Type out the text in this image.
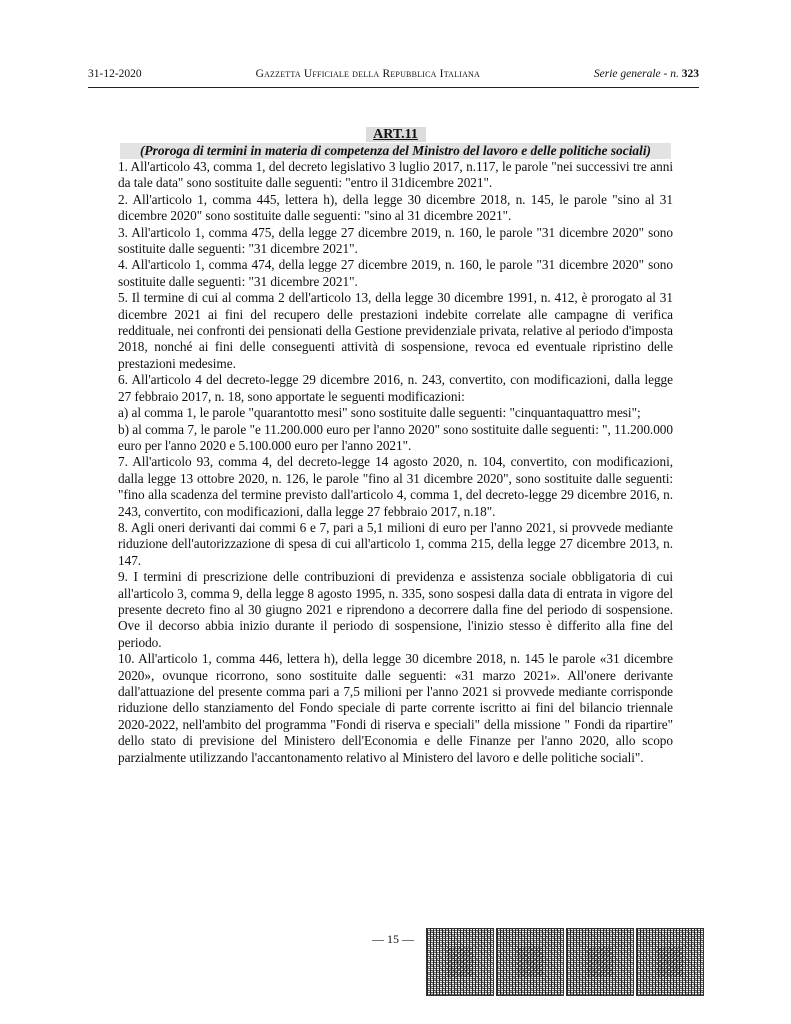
31-12-2020	Gazzetta Ufficiale della Repubblica Italiana	Serie generale - n. 323
ART.11
(Proroga di termini in materia di competenza del Ministro del lavoro e delle politiche sociali)

1. All'articolo 43, comma 1, del decreto legislativo 3 luglio 2017, n.117, le parole "nei successivi tre anni da tale data" sono sostituite dalle seguenti: "entro il 31dicembre 2021".

2. All'articolo 1, comma 445, lettera h), della legge 30 dicembre 2018, n. 145, le parole "sino al 31 dicembre 2020" sono sostituite dalle seguenti: "sino al 31 dicembre 2021".

3. All'articolo 1, comma 475, della legge 27 dicembre 2019, n. 160, le parole "31 dicembre 2020" sono sostituite dalle seguenti: "31 dicembre 2021".

4. All'articolo 1, comma 474, della legge 27 dicembre 2019, n. 160, le parole "31 dicembre 2020" sono sostituite dalle seguenti: "31 dicembre 2021".

5. Il termine di cui al comma 2 dell'articolo 13, della legge 30 dicembre 1991, n. 412, è prorogato al 31 dicembre 2021 ai fini del recupero delle prestazioni indebite correlate alle campagne di verifica reddituale, nei confronti dei pensionati della Gestione previdenziale privata, relative al periodo d'imposta 2018, nonché ai fini delle conseguenti attività di sospensione, revoca ed eventuale ripristino delle prestazioni medesime.

6. All'articolo 4 del decreto-legge 29 dicembre 2016, n. 243, convertito, con modificazioni, dalla legge 27 febbraio 2017, n. 18, sono apportate le seguenti modificazioni:

a) al comma 1, le parole "quarantotto mesi" sono sostituite dalle seguenti: "cinquantaquattro mesi";

b) al comma 7, le parole "e 11.200.000 euro per l'anno 2020" sono sostituite dalle seguenti: ", 11.200.000 euro per l'anno 2020 e 5.100.000 euro per l'anno 2021".

7. All'articolo 93, comma 4, del decreto-legge 14 agosto 2020, n. 104, convertito, con modificazioni, dalla legge 13 ottobre 2020, n. 126, le parole "fino al 31 dicembre 2020", sono sostituite dalle seguenti: "fino alla scadenza del termine previsto dall'articolo 4, comma 1, del decreto-legge 29 dicembre 2016, n. 243, convertito, con modificazioni, dalla legge 27 febbraio 2017, n.18".

8. Agli oneri derivanti dai commi 6 e 7, pari a 5,1 milioni di euro per l'anno 2021, si provvede mediante riduzione dell'autorizzazione di spesa di cui all'articolo 1, comma 215, della legge 27 dicembre 2013, n. 147.

9. I termini di prescrizione delle contribuzioni di previdenza e assistenza sociale obbligatoria di cui all'articolo 3, comma 9, della legge 8 agosto 1995, n. 335, sono sospesi dalla data di entrata in vigore del presente decreto fino al 30 giugno 2021 e riprendono a decorrere dalla fine del periodo di sospensione. Ove il decorso abbia inizio durante il periodo di sospensione, l'inizio stesso è differito alla fine del periodo.

10. All'articolo 1, comma 446, lettera h), della legge 30 dicembre 2018, n. 145 le parole «31 dicembre 2020», ovunque ricorrono, sono sostituite dalle seguenti: «31 marzo 2021». All'onere derivante dall'attuazione del presente comma pari a 7,5 milioni per l'anno 2021 si provvede mediante corrisponde riduzione dello stanziamento del Fondo speciale di parte corrente iscritto ai fini del bilancio triennale 2020-2022, nell'ambito del programma "Fondi di riserva e speciali" della missione " Fondi da ripartire" dello stato di previsione del Ministero dell'Economia e delle Finanze per l'anno 2020, allo scopo parzialmente utilizzando l'accantonamento relativo al Ministero del lavoro e delle politiche sociali".

— 15 —
